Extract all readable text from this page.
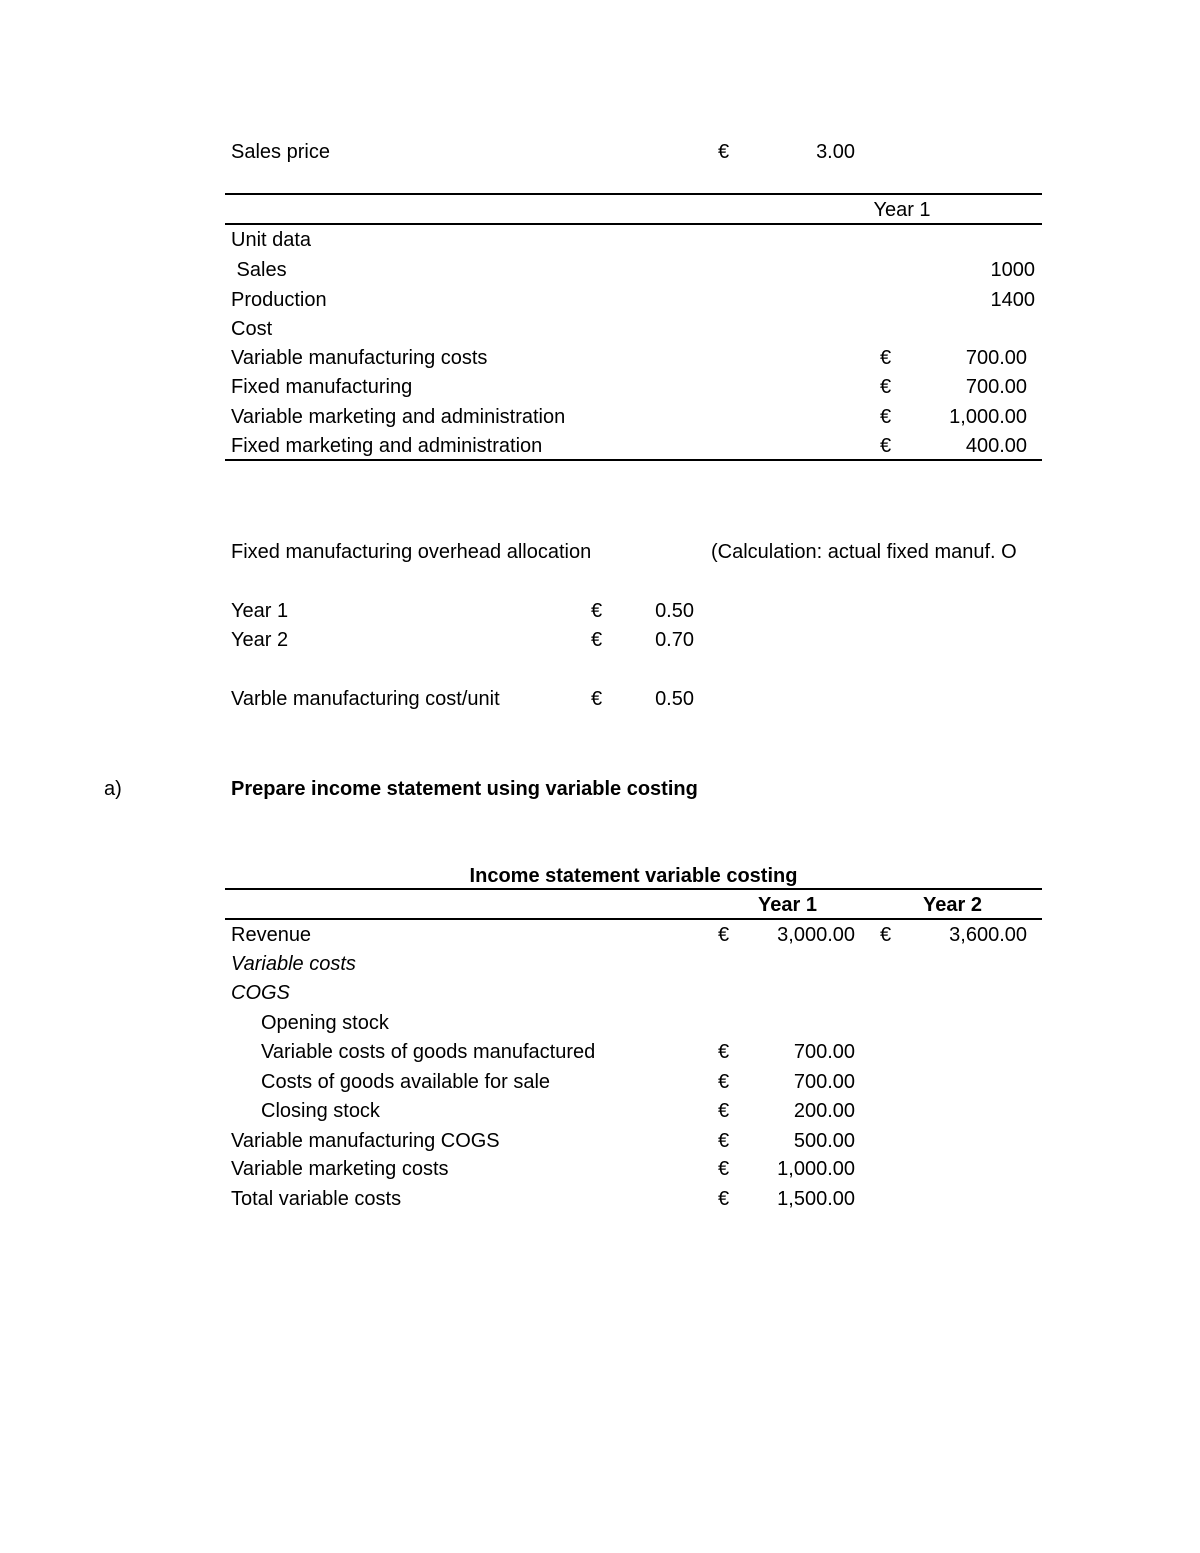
Sales price	€	3.00
Year 1
Unit data
Sales	1000
Production	1400
Cost
Variable manufacturing costs	€	700.00
Fixed manufacturing	€	700.00
Variable marketing and administration	€	1,000.00
Fixed marketing and administration	€	400.00
Fixed manufacturing overhead allocation	(Calculation: actual fixed manuf. O
Year 1	€	0.50
Year 2	€	0.70
Varble manufacturing cost/unit	€	0.50
a)	Prepare income statement using variable costing
Income statement variable costing
Year 1	Year 2
Revenue	€	3,000.00 €	3,600.00
Variable costs
COGS
Opening stock
Variable costs of goods manufactured	€	700.00
Costs of goods available for sale	€	700.00
Closing stock	€	200.00
Variable manufacturing COGS	€	500.00
Variable marketing costs	€	1,000.00
Total variable costs	€	1,500.00
